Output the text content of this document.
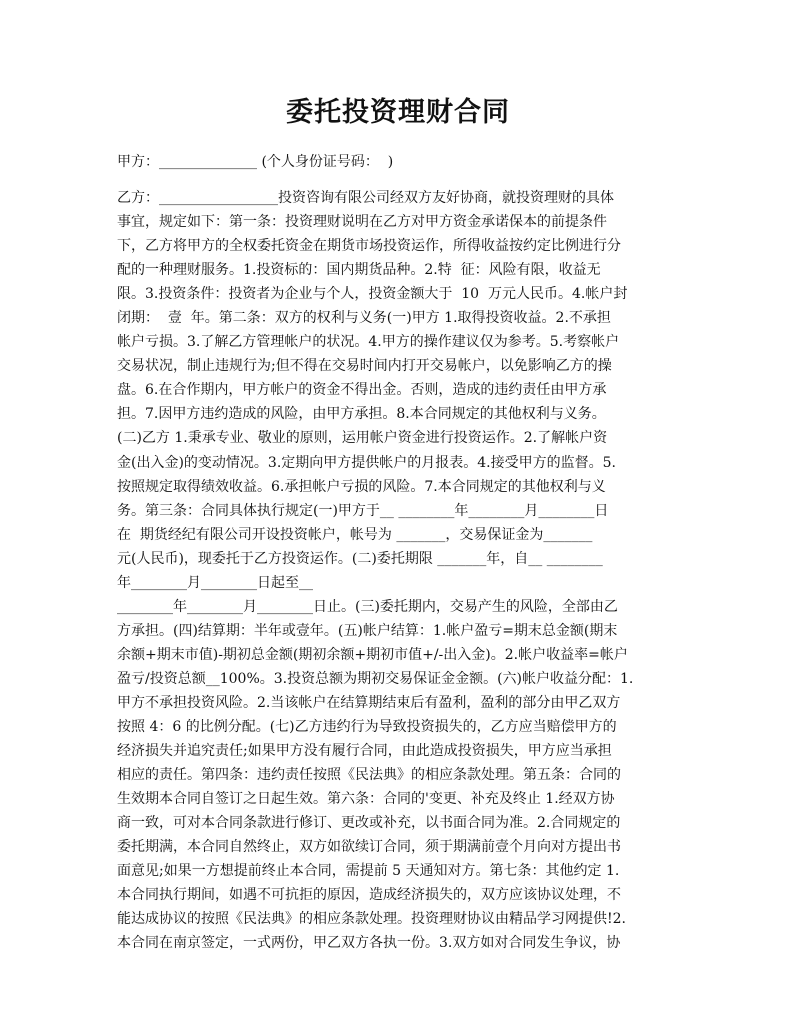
委托投资理财合同
甲方：______________ (个人身份证号码：  )
乙方：_________________投资咨询有限公司经双方友好协商，就投资理财的具体
事宜，规定如下：第一条：投资理财说明在乙方对甲方资金承诺保本的前提条件
下，乙方将甲方的全权委托资金在期货市场投资运作，所得收益按约定比例进行分
配的一种理财服务。1.投资标的：国内期货品种。2.特  征：风险有限，收益无
限。3.投资条件：投资者为企业与个人，投资金额大于  10  万元人民币。4.帐户封
闭期：  壹  年。第二条：双方的权利与义务(一)甲方 1.取得投资收益。2.不承担
帐户亏损。3.了解乙方管理帐户的状况。4.甲方的操作建议仅为参考。5.考察帐户
交易状况，制止违规行为;但不得在交易时间内打开交易帐户，以免影响乙方的操
盘。6.在合作期内，甲方帐户的资金不得出金。否则，造成的违约责任由甲方承
担。7.因甲方违约造成的风险，由甲方承担。8.本合同规定的其他权利与义务。
(二)乙方 1.秉承专业、敬业的原则，运用帐户资金进行投资运作。2.了解帐户资
金(出入金)的变动情况。3.定期向甲方提供帐户的月报表。4.接受甲方的监督。5.
按照规定取得绩效收益。6.承担帐户亏损的风险。7.本合同规定的其他权利与义
务。第三条：合同具体执行规定(一)甲方于__ ________年________月________日
在  期货经纪有限公司开设投资帐户，帐号为 _______，交易保证金为_______
元(人民币)，现委托于乙方投资运作。(二)委托期限 _______年，自__ ________
年________月________日起至__
________年________月________日止。(三)委托期内，交易产生的风险，全部由乙
方承担。(四)结算期：半年或壹年。(五)帐户结算：1.帐户盈亏=期末总金额(期末
余额+期末市值)-期初总金额(期初余额+期初市值+/-出入金)。2.帐户收益率=帐户
盈亏/投资总额__100%。3.投资总额为期初交易保证金金额。(六)帐户收益分配：1.
甲方不承担投资风险。2.当该帐户在结算期结束后有盈利，盈利的部分由甲乙双方
按照 4：6 的比例分配。(七)乙方违约行为导致投资损失的，乙方应当赔偿甲方的
经济损失并追究责任;如果甲方没有履行合同，由此造成投资损失，甲方应当承担
相应的责任。第四条：违约责任按照《民法典》的相应条款处理。第五条：合同的
生效期本合同自签订之日起生效。第六条：合同的'变更、补充及终止 1.经双方协
商一致，可对本合同条款进行修订、更改或补充，以书面合同为准。2.合同规定的
委托期满，本合同自然终止，双方如欲续订合同，须于期满前壹个月向对方提出书
面意见;如果一方想提前终止本合同，需提前 5 天通知对方。第七条：其他约定 1.
本合同执行期间，如遇不可抗拒的原因，造成经济损失的，双方应该协议处理，不
能达成协议的按照《民法典》的相应条款处理。投资理财协议由精品学习网提供!2.
本合同在南京签定，一式两份，甲乙双方各执一份。3.双方如对合同发生争议，协
